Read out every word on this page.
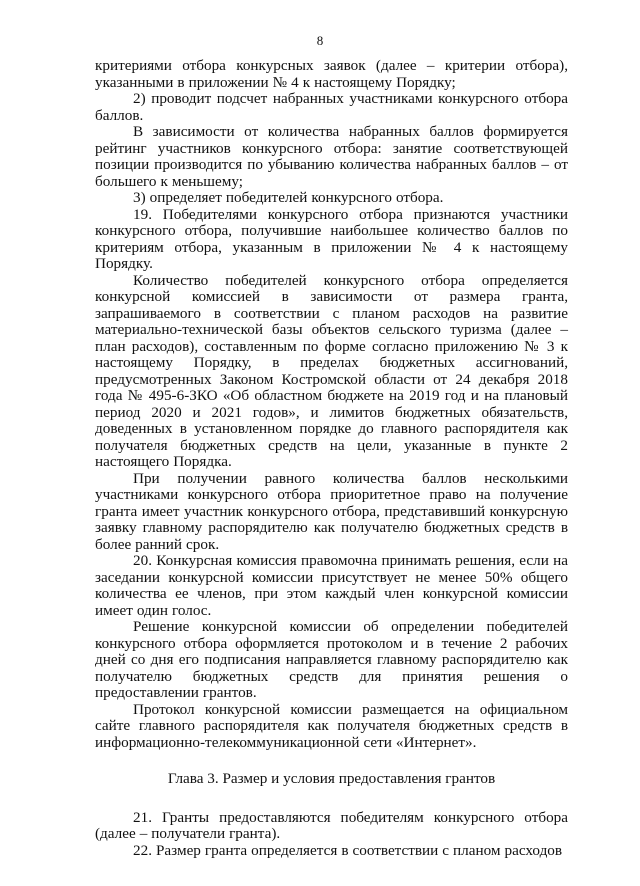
8

критериями отбора конкурсных заявок (далее – критерии отбора), указанными в приложении № 4 к настоящему Порядку;

2) проводит подсчет набранных участниками конкурсного отбора баллов.

В зависимости от количества набранных баллов формируется рейтинг участников конкурсного отбора: занятие соответствующей позиции производится по убыванию количества набранных баллов – от большего к меньшему;

3) определяет победителей конкурсного отбора.

19. Победителями конкурсного отбора признаются участники конкурсного отбора, получившие наибольшее количество баллов по критериям отбора, указанным в приложении № 4 к настоящему Порядку.

Количество победителей конкурсного отбора определяется конкурсной комиссией в зависимости от размера гранта, запрашиваемого в соответствии с планом расходов на развитие материально-технической базы объектов сельского туризма (далее – план расходов), составленным по форме согласно приложению № 3 к настоящему Порядку, в пределах бюджетных ассигнований, предусмотренных Законом Костромской области от 24 декабря 2018 года № 495-6-ЗКО «Об областном бюджете на 2019 год и на плановый период 2020 и 2021 годов», и лимитов бюджетных обязательств, доведенных в установленном порядке до главного распорядителя как получателя бюджетных средств на цели, указанные в пункте 2 настоящего Порядка.

При получении равного количества баллов несколькими участниками конкурсного отбора приоритетное право на получение гранта имеет участник конкурсного отбора, представивший конкурсную заявку главному распорядителю как получателю бюджетных средств в более ранний срок.

20. Конкурсная комиссия правомочна принимать решения, если на заседании конкурсной комиссии присутствует не менее 50% общего количества ее членов, при этом каждый член конкурсной комиссии имеет один голос.

Решение конкурсной комиссии об определении победителей конкурсного отбора оформляется протоколом и в течение 2 рабочих дней со дня его подписания направляется главному распорядителю как получателю бюджетных средств для принятия решения о предоставлении грантов.

Протокол конкурсной комиссии размещается на официальном сайте главного распорядителя как получателя бюджетных средств в информационно-телекоммуникационной сети «Интернет».

Глава 3. Размер и условия предоставления грантов

21. Гранты предоставляются победителям конкурсного отбора (далее – получатели гранта).

22. Размер гранта определяется в соответствии с планом расходов
